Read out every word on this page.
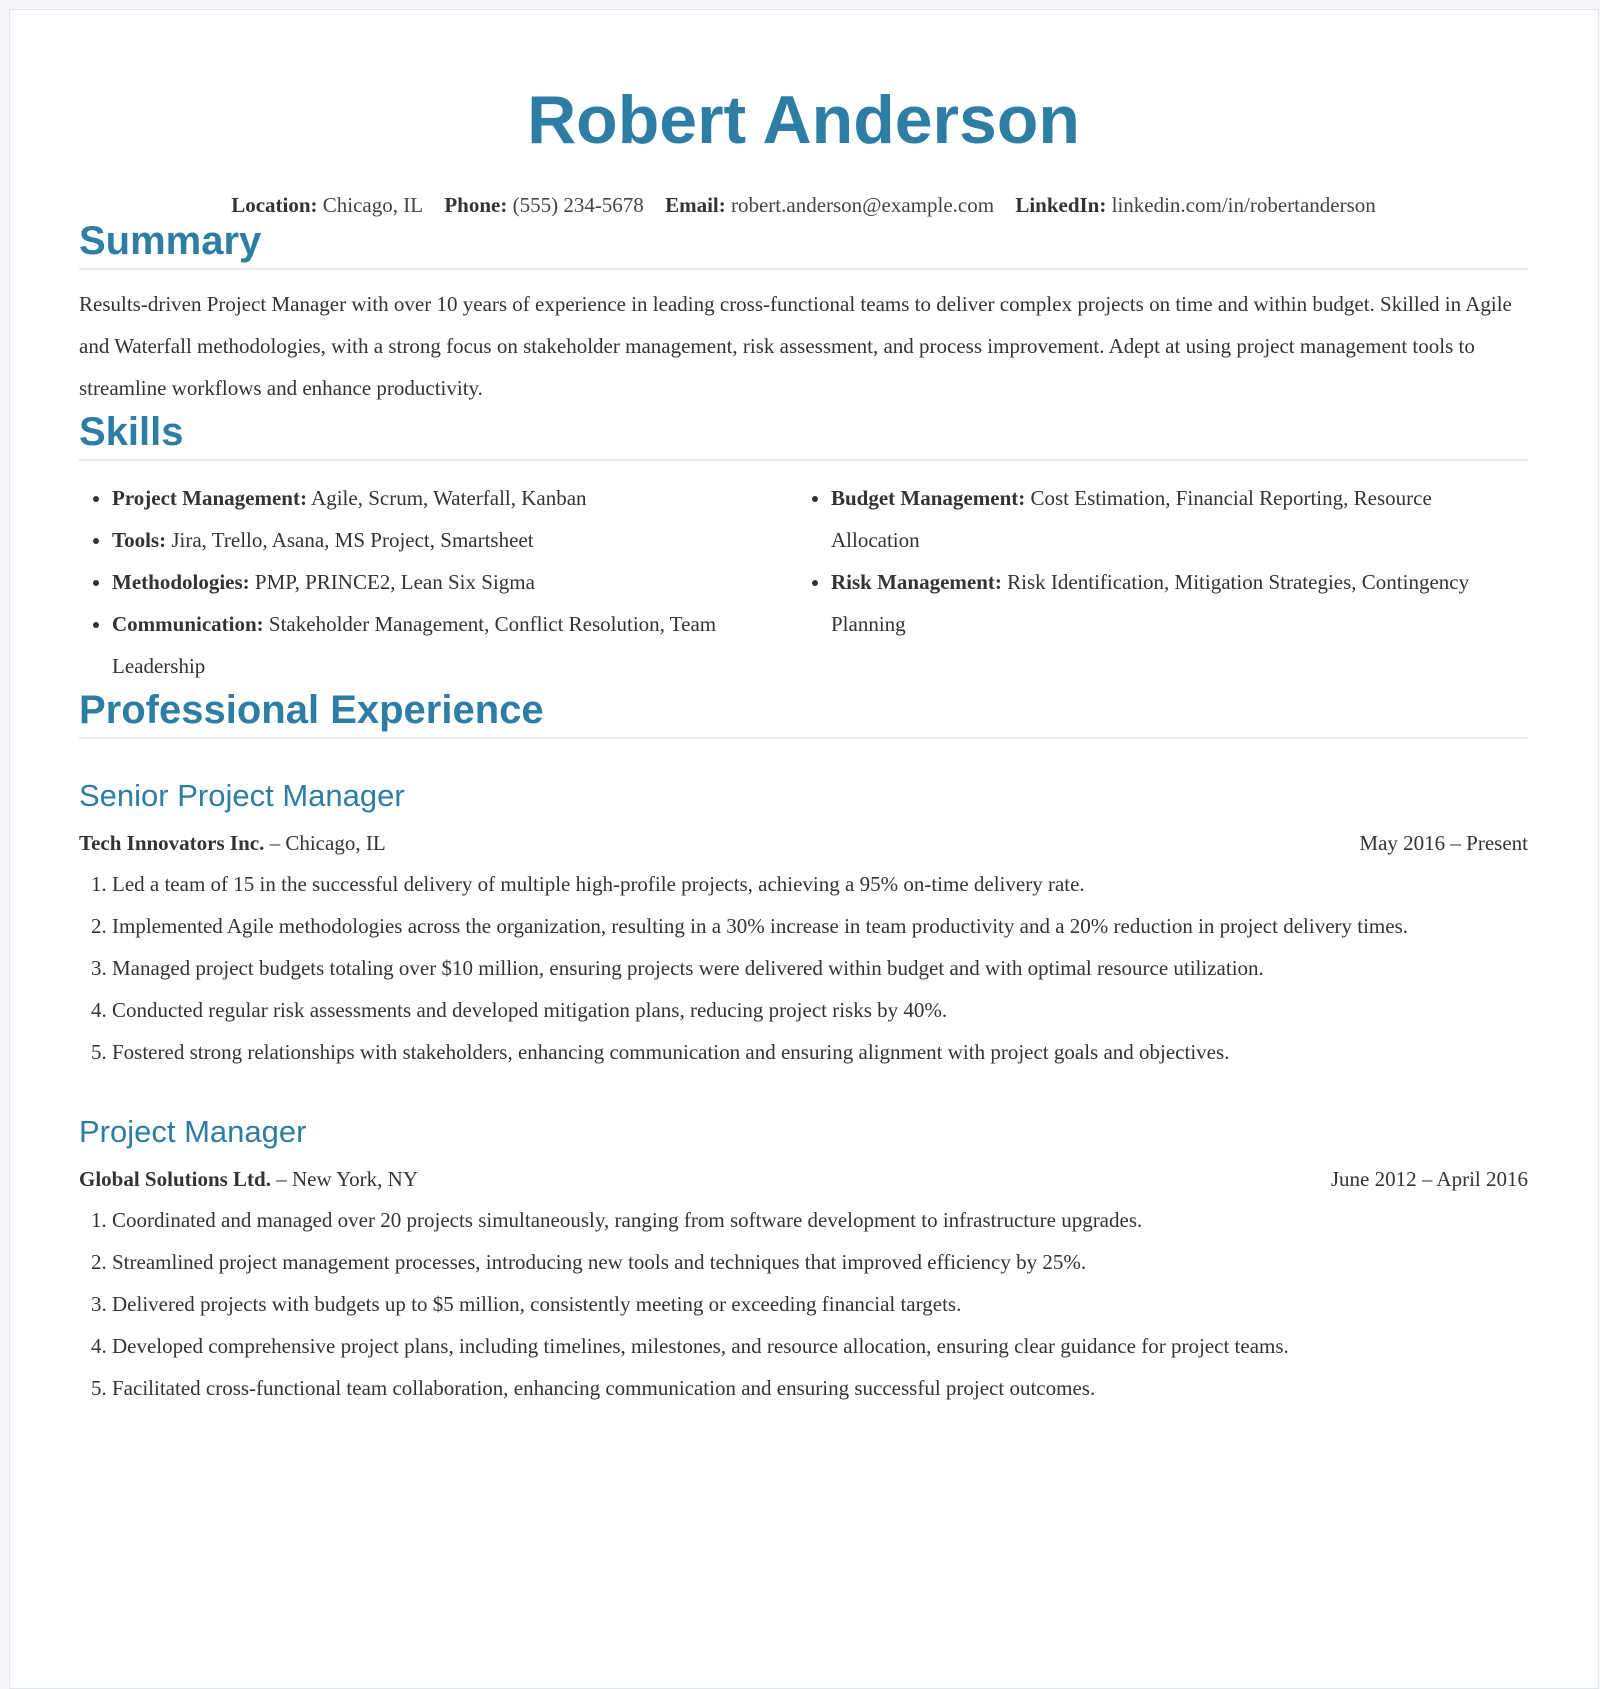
Robert Anderson
Location: Chicago, IL Phone: (555) 234-5678 Email: robert.anderson@example.com LinkedIn: linkedin.com/in/robertanderson
Summary

Results-driven Project Manager with over 10 years of experience in leading cross-functional teams to deliver complex projects on time and within budget. Skilled in Agile and Waterfall methodologies, with a strong focus on stakeholder management, risk assessment, and process improvement. Adept at using project management tools to streamline workflows and enhance productivity.

Skills
• Project Management: Agile, Scrum, Waterfall, Kanban
• Tools: Jira, Trello, Asana, MS Project, Smartsheet
• Methodologies: PMP, PRINCE2, Lean Six Sigma
• Communication: Stakeholder Management, Conflict Resolution, Team Leadership
• Budget Management: Cost Estimation, Financial Reporting, Resource Allocation
• Risk Management: Risk Identification, Mitigation Strategies, Contingency Planning
Professional Experience
Senior Project Manager
Tech Innovators Inc. – Chicago, IL	May 2016 – Present
1. Led a team of 15 in the successful delivery of multiple high-profile projects, achieving a 95% on-time delivery rate.
2. Implemented Agile methodologies across the organization, resulting in a 30% increase in team productivity and a 20% reduction in project delivery times.
3. Managed project budgets totaling over $10 million, ensuring projects were delivered within budget and with optimal resource utilization.
4. Conducted regular risk assessments and developed mitigation plans, reducing project risks by 40%.
5. Fostered strong relationships with stakeholders, enhancing communication and ensuring alignment with project goals and objectives.
Project Manager
Global Solutions Ltd. – New York, NY	June 2012 – April 2016
1. Coordinated and managed over 20 projects simultaneously, ranging from software development to infrastructure upgrades.
2. Streamlined project management processes, introducing new tools and techniques that improved efficiency by 25%.
3. Delivered projects with budgets up to $5 million, consistently meeting or exceeding financial targets.
4. Developed comprehensive project plans, including timelines, milestones, and resource allocation, ensuring clear guidance for project teams.
5. Facilitated cross-functional team collaboration, enhancing communication and ensuring successful project outcomes.
